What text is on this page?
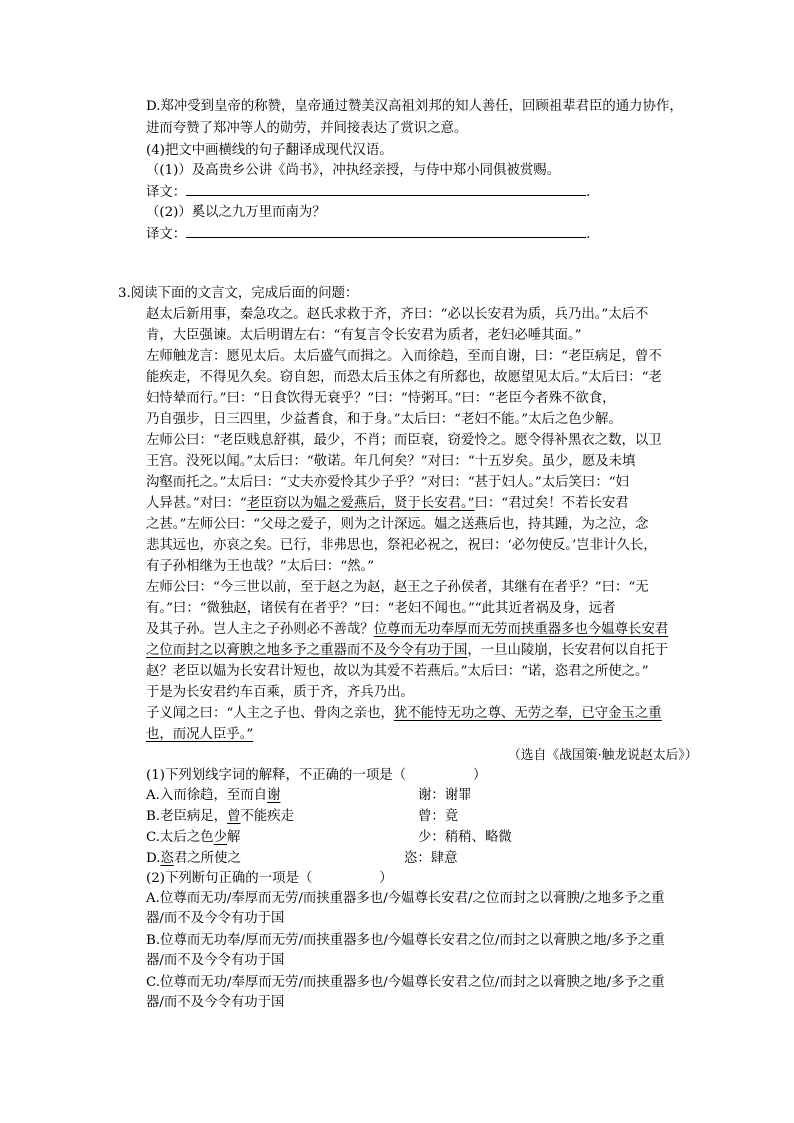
D.郑冲受到皇帝的称赞，皇帝通过赞美汉高祖刘邦的知人善任，回顾祖辈君臣的通力协作，
进而夸赞了郑冲等人的勋劳，并间接表达了赏识之意。
(4)把文中画横线的句子翻译成现代汉语。
（(1)）及高贵乡公讲《尚书》，冲执经亲授，与侍中郑小同俱被赏赐。
译文：	.
（(2)）奚以之九万里而南为？
译文：	.
3.阅读下面的文言文，完成后面的问题：
赵太后新用事，秦急攻之。赵氏求救于齐，齐曰：“必以长安君为质，兵乃出。”太后不
肯，大臣强谏。太后明谓左右：“有复言令长安君为质者，老妇必唾其面。”
左师触龙言：愿见太后。太后盛气而揖之。入而徐趋，至而自谢，曰：“老臣病足，曾不
能疾走，不得见久矣。窃自恕，而恐太后玉体之有所郄也，故愿望见太后。”太后曰：“老
妇恃辇而行。”曰：“日食饮得无衰乎？”曰：“恃粥耳。”曰：“老臣今者殊不欲食，
乃自强步，日三四里，少益耆食，和于身。”太后曰：“老妇不能。”太后之色少解。
左师公曰：“老臣贱息舒祺，最少，不肖；而臣衰，窃爱怜之。愿令得补黑衣之数，以卫
王宫。没死以闻。”太后曰：“敬诺。年几何矣？”对曰：“十五岁矣。虽少，愿及未填
沟壑而托之。”太后曰：“丈夫亦爱怜其少子乎？”对曰：“甚于妇人。”太后笑曰：“妇
人异甚。”对曰：“老臣窃以为媪之爱燕后，贤于长安君。”曰：“君过矣！不若长安君
之甚。”左师公曰：“父母之爱子，则为之计深远。媪之送燕后也，持其踵，为之泣，念
悲其远也，亦哀之矣。已行，非弗思也，祭祀必祝之，祝曰：‘必勿使反。’岂非计久长，
有子孙相继为王也哉？”太后曰：“然。”
左师公曰：“今三世以前，至于赵之为赵，赵王之子孙侯者，其继有在者乎？”曰：“无
有。”曰：“微独赵，诸侯有在者乎？”曰：“老妇不闻也。”“此其近者祸及身，远者
及其子孙。岂人主之子孙则必不善哉？位尊而无功奉厚而无劳而挟重器多也今媪尊长安君
之位而封之以膏腴之地多予之重器而不及今令有功于国，一旦山陵崩，长安君何以自托于
赵？老臣以媪为长安君计短也，故以为其爱不若燕后。”太后曰：“诺，恣君之所使之。”
于是为长安君约车百乘，质于齐，齐兵乃出。
子义闻之曰：“人主之子也、骨肉之亲也，犹不能恃无功之尊、无劳之奉，已守金玉之重
也，而况人臣乎。”
（选自《战国策·触龙说赵太后》）
(1)下列划线字词的解释，不正确的一项是（　　　　　）
A.入而徐趋，至而自谢	谢：谢罪
B.老臣病足，曾不能疾走	曾：竟
C.太后之色少解	少：稍稍、略微
D.恣君之所使之	恣：肆意
(2)下列断句正确的一项是（　　　　　）
A.位尊而无功/奉厚而无劳/而挟重器多也/今媪尊长安君/之位而封之以膏腴/之地多予之重
器/而不及今令有功于国
B.位尊而无功奉/厚而无劳/而挟重器多也/今媪尊长安君之位/而封之以膏腴之地/多予之重
器/而不及今令有功于国
C.位尊而无功/奉厚而无劳/而挟重器多也/今媪尊长安君之位/而封之以膏腴之地/多予之重
器/而不及今令有功于国
